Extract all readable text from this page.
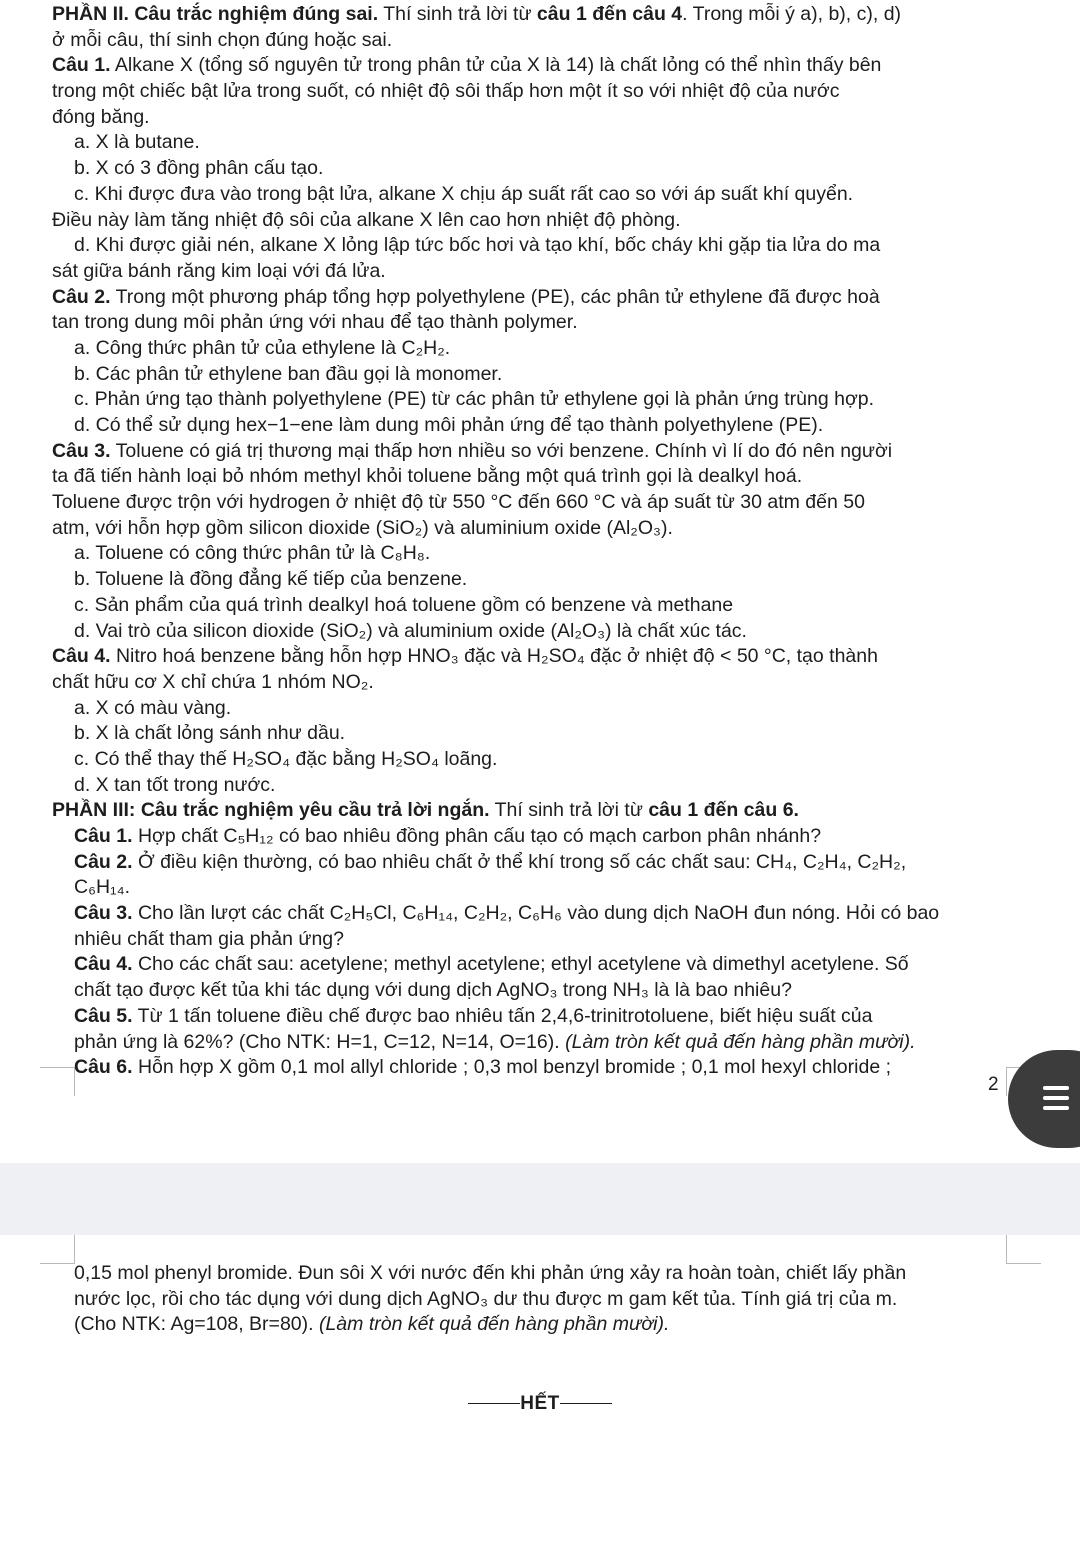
PHẦN II. Câu trắc nghiệm đúng sai. Thí sinh trả lời từ câu 1 đến câu 4. Trong mỗi ý a), b), c), d)
ở mỗi câu, thí sinh chọn đúng hoặc sai.
Câu 1. Alkane X (tổng số nguyên tử trong phân tử của X là 14) là chất lỏng có thể nhìn thấy bên
trong một chiếc bật lửa trong suốt, có nhiệt độ sôi thấp hơn một ít so với nhiệt độ của nước
đóng băng.
a. X là butane.
b. X có 3 đồng phân cấu tạo.
c. Khi được đưa vào trong bật lửa, alkane X chịu áp suất rất cao so với áp suất khí quyển.
Điều này làm tăng nhiệt độ sôi của alkane X lên cao hơn nhiệt độ phòng.
d. Khi được giải nén, alkane X lỏng lập tức bốc hơi và tạo khí, bốc cháy khi gặp tia lửa do ma
sát giữa bánh răng kim loại với đá lửa.
Câu 2. Trong một phương pháp tổng hợp polyethylene (PE), các phân tử ethylene đã được hoà
tan trong dung môi phản ứng với nhau để tạo thành polymer.
a. Công thức phân tử của ethylene là C₂H₂.
b. Các phân tử ethylene ban đầu gọi là monomer.
c. Phản ứng tạo thành polyethylene (PE) từ các phân tử ethylene gọi là phản ứng trùng hợp.
d. Có thể sử dụng hex−1−ene làm dung môi phản ứng để tạo thành polyethylene (PE).
Câu 3. Toluene có giá trị thương mại thấp hơn nhiều so với benzene. Chính vì lí do đó nên người
ta đã tiến hành loại bỏ nhóm methyl khỏi toluene bằng một quá trình gọi là dealkyl hoá.
Toluene được trộn với hydrogen ở nhiệt độ từ 550 °C đến 660 °C và áp suất từ 30 atm đến 50
atm, với hỗn hợp gồm silicon dioxide (SiO₂) và aluminium oxide (Al₂O₃).
a. Toluene có công thức phân tử là C₈H₈.
b. Toluene là đồng đẳng kế tiếp của benzene.
c. Sản phẩm của quá trình dealkyl hoá toluene gồm có benzene và methane
d. Vai trò của silicon dioxide (SiO₂) và aluminium oxide (Al₂O₃) là chất xúc tác.
Câu 4. Nitro hoá benzene bằng hỗn hợp HNO₃ đặc và H₂SO₄ đặc ở nhiệt độ < 50 °C, tạo thành
chất hữu cơ X chỉ chứa 1 nhóm NO₂.
a. X có màu vàng.
b. X là chất lỏng sánh như dầu.
c. Có thể thay thế H₂SO₄ đặc bằng H₂SO₄ loãng.
d. X tan tốt trong nước.
PHẦN III: Câu trắc nghiệm yêu cầu trả lời ngắn. Thí sinh trả lời từ câu 1 đến câu 6.
Câu 1. Hợp chất C₅H₁₂ có bao nhiêu đồng phân cấu tạo có mạch carbon phân nhánh?
Câu 2. Ở điều kiện thường, có bao nhiêu chất ở thể khí trong số các chất sau: CH₄, C₂H₄, C₂H₂,
C₆H₁₄.
Câu 3. Cho lần lượt các chất C₂H₅Cl, C₆H₁₄, C₂H₂, C₆H₆ vào dung dịch NaOH đun nóng. Hỏi có bao
nhiêu chất tham gia phản ứng?
Câu 4. Cho các chất sau: acetylene; methyl acetylene; ethyl acetylene và dimethyl acetylene. Số
chất tạo được kết tủa khi tác dụng với dung dịch AgNO₃ trong NH₃ là là bao nhiêu?
Câu 5. Từ 1 tấn toluene điều chế được bao nhiêu tấn 2,4,6-trinitrotoluene, biết hiệu suất của
phản ứng là 62%? (Cho NTK: H=1, C=12, N=14, O=16). (Làm tròn kết quả đến hàng phần mười).
Câu 6. Hỗn hợp X gồm 0,1 mol allyl chloride ; 0,3 mol benzyl bromide ; 0,1 mol hexyl chloride ;
2
0,15 mol phenyl bromide. Đun sôi X với nước đến khi phản ứng xảy ra hoàn toàn, chiết lấy phần
nước lọc, rồi cho tác dụng với dung dịch AgNO₃ dư thu được m gam kết tủa. Tính giá trị của m.
(Cho NTK: Ag=108, Br=80). (Làm tròn kết quả đến hàng phần mười).
HẾT
